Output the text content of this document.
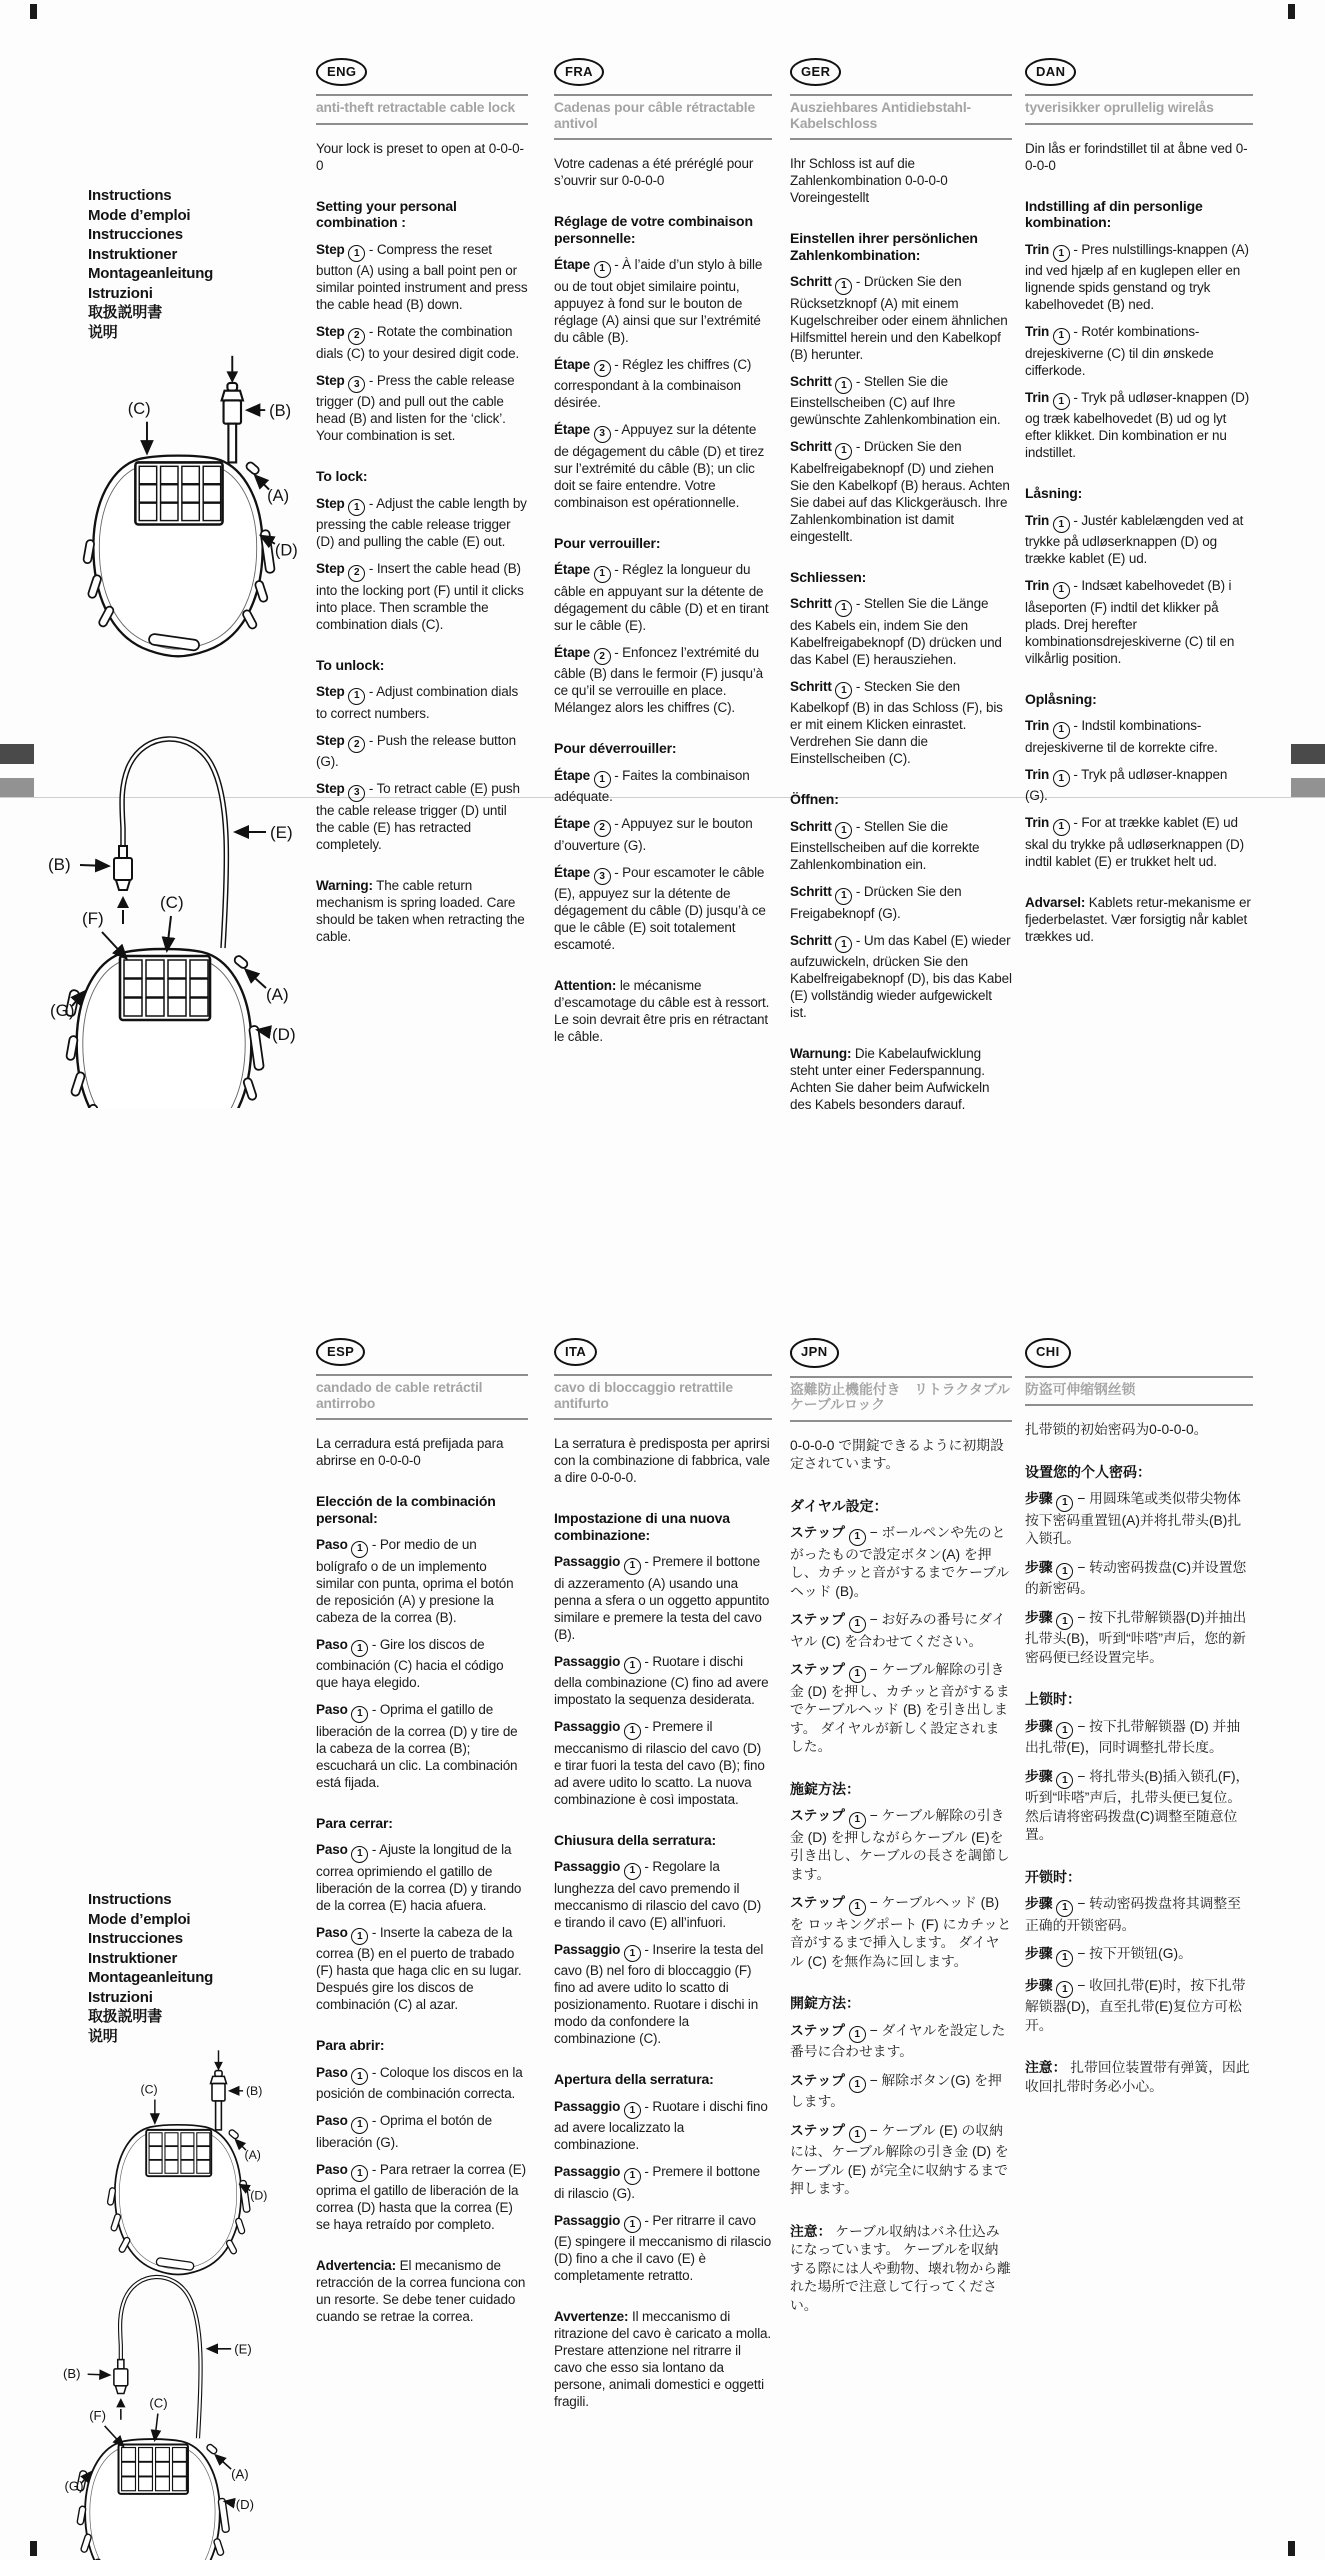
Instructions
Mode d’emploi
Instrucciones
Instruktioner
Montageanleitung
Istruzioni
取扱説明書
说明
(C)	(B)
(A)
(D)
(E)
(B)
(C)
(F)
(G)
(A)
(D)
ENG
anti-theft retractable cable lock

Your lock is preset to open at 0-0-0-0

Setting your personal combination :

Step 1 - Compress the reset button (A) using a ball point pen or similar pointed instrument and press the cable head (B) down.

Step 2 - Rotate the combination dials (C) to your desired digit code.

Step 3 - Press the cable release trigger (D) and pull out the cable head (B) and listen for the ‘click’. Your combination is set.

To lock:

Step 1 - Adjust the cable length by pressing the cable release trigger (D) and pulling the cable (E) out.

Step 2 - Insert the cable head (B) into the locking port (F) until it clicks into place. Then scramble the combination dials (C).

To unlock:

Step 1 - Adjust combination dials to correct numbers.

Step 2 - Push the release button (G).

Step 3 - To retract cable (E) push the cable release trigger (D) until the cable (E) has retracted completely.

Warning: The cable return mechanism is spring loaded. Care should be taken when retracting the cable.

FRA
Cadenas pour câble rétractable antivol

Votre cadenas a été préréglé pour s’ouvrir sur 0-0-0-0

Réglage de votre combinaison personnelle:

Étape 1 - À l’aide d’un stylo à bille ou de tout objet similaire pointu, appuyez à fond sur le bouton de réglage (A) ainsi que sur l’extrémité du câble (B).

Étape 2 - Réglez les chiffres (C) correspondant à la combinaison désirée.

Étape 3 - Appuyez sur la détente de dégagement du câble (D) et tirez sur l’extrémité du câble (B); un clic doit se faire entendre. Votre combinaison est opérationnelle.

Pour verrouiller:

Étape 1 - Réglez la longueur du câble en appuyant sur la détente de dégagement du câble (D) et en tirant sur le câble (E).

Étape 2 - Enfoncez l’extrémité du câble (B) dans le fermoir (F) jusqu’à ce qu’il se verrouille en place. Mélangez alors les chiffres (C).

Pour déverrouiller:

Étape 1 - Faites la combinaison adéquate.

Étape 2 - Appuyez sur le bouton d’ouverture (G).

Étape 3 - Pour escamoter le câble (E), appuyez sur la détente de dégagement du câble (D) jusqu’à ce que le câble (E) soit totalement escamoté.

Attention: le mécanisme d’escamotage du câble est à ressort. Le soin devrait être pris en rétractant le câble.

GER
Ausziehbares Antidiebstahl-Kabelschloss

Ihr Schloss ist auf die Zahlenkombination 0-0-0-0 Voreingestellt

Einstellen ihrer persönlichen Zahlenkombination:

Schritt 1 - Drücken Sie den Rücksetzknopf (A) mit einem Kugelschreiber oder einem ähnlichen Hilfsmittel herein und den Kabelkopf (B) herunter.

Schritt 1 - Stellen Sie die Einstellscheiben (C) auf Ihre gewünschte Zahlenkombination ein.

Schritt 1 - Drücken Sie den Kabelfreigabeknopf (D) und ziehen Sie den Kabelkopf (B) heraus. Achten Sie dabei auf das Klickgeräusch. Ihre Zahlenkombination ist damit eingestellt.

Schliessen:

Schritt 1 - Stellen Sie die Länge des Kabels ein, indem Sie den Kabelfreigabeknopf (D) drücken und das Kabel (E) herausziehen.

Schritt 1 - Stecken Sie den Kabelkopf (B) in das Schloss (F), bis er mit einem Klicken einrastet. Verdrehen Sie dann die Einstellscheiben (C).

Öffnen:

Schritt 1 - Stellen Sie die Einstellscheiben auf die korrekte Zahlenkombination ein.

Schritt 1 - Drücken Sie den Freigabeknopf (G).

Schritt 1 - Um das Kabel (E) wieder aufzuwickeln, drücken Sie den Kabelfreigabeknopf (D), bis das Kabel (E) vollständig wieder aufgewickelt ist.

Warnung: Die Kabelaufwicklung steht unter einer Federspannung. Achten Sie daher beim Aufwickeln des Kabels besonders darauf.

DAN
tyverisikker oprullelig wirelås

Din lås er forindstillet til at åbne ved 0-0-0-0

Indstilling af din personlige kombination:

Trin 1 - Pres nulstillings-knappen (A) ind ved hjælp af en kuglepen eller en lignende spids genstand og tryk kabelhovedet (B) ned.

Trin 1 - Rotér kombinations-drejeskiverne (C) til din ønskede cifferkode.

Trin 1 - Tryk på udløser-knappen (D) og træk kabelhovedet (B) ud og lyt efter klikket. Din kombination er nu indstillet.

Låsning:

Trin 1 - Justér kablelængden ved at trykke på udløserknappen (D) og trække kablet (E) ud.

Trin 1 - Indsæt kabelhovedet (B) i låseporten (F) indtil det klikker på plads. Drej herefter kombinationsdrejeskiverne (C) til en vilkårlig position.

Oplåsning:

Trin 1 - Indstil kombinations-drejeskiverne til de korrekte cifre.

Trin 1 - Tryk på udløser-knappen (G).

Trin 1 - For at trække kablet (E) ud skal du trykke på udløserknappen (D) indtil kablet (E) er trukket helt ud.

Advarsel: Kablets retur-mekanisme er fjederbelastet. Vær forsigtig når kablet trækkes ud.

Instructions
Mode d’emploi
Instrucciones
Instruktioner
Montageanleitung
Istruzioni
取扱説明書
说明
(C)	(B)
(A)
(D)
(E)
(B)
(C)
(F)
(G)
(A)
(D)
ESP
candado de cable retráctil antirrobo

La cerradura está prefijada para abrirse en 0-0-0-0

Elección de la combinación personal:

Paso 1 - Por medio de un bolígrafo o de un implemento similar con punta, oprima el botón de reposición (A) y presione la cabeza de la correa (B).

Paso 1 - Gire los discos de combinación (C) hacia el código que haya elegido.

Paso 1 - Oprima el gatillo de liberación de la correa (D) y tire de la cabeza de la correa (B); escuchará un clic. La combinación está fijada.

Para cerrar:

Paso 1 - Ajuste la longitud de la correa oprimiendo el gatillo de liberación de la correa (D) y tirando de la correa (E) hacia afuera.

Paso 1 - Inserte la cabeza de la correa (B) en el puerto de trabado (F) hasta que haga clic en su lugar. Después gire los discos de combinación (C) al azar.

Para abrir:

Paso 1 - Coloque los discos en la posición de combinación correcta.

Paso 1 - Oprima el botón de liberación (G).

Paso 1 - Para retraer la correa (E) oprima el gatillo de liberación de la correa (D) hasta que la correa (E) se haya retraído por completo.

Advertencia: El mecanismo de retracción de la correa funciona con un resorte. Se debe tener cuidado cuando se retrae la correa.

ITA
cavo di bloccaggio retrattile antifurto

La serratura è predisposta per aprirsi con la combinazione di fabbrica, vale a dire 0-0-0-0.

Impostazione di una nuova combinazione:

Passaggio 1 - Premere il bottone di azzeramento (A) usando una penna a sfera o un oggetto appuntito similare e premere la testa del cavo (B).

Passaggio 1 - Ruotare i dischi della combinazione (C) fino ad avere impostato la sequenza desiderata.

Passaggio 1 - Premere il meccanismo di rilascio del cavo (D) e tirar fuori la testa del cavo (B); fino ad avere udito lo scatto. La nuova combinazione è così impostata.

Chiusura della serratura:

Passaggio 1 - Regolare la lunghezza del cavo premendo il meccanismo di rilascio del cavo (D) e tirando il cavo (E) all’infuori.

Passaggio 1 - Inserire la testa del cavo (B) nel foro di bloccaggio (F) fino ad avere udito lo scatto di posizionamento. Ruotare i dischi in modo da confondere la combinazione (C).

Apertura della serratura:

Passaggio 1 - Ruotare i dischi fino ad avere localizzato la combinazione.

Passaggio 1 - Premere il bottone di rilascio (G).

Passaggio 1 - Per ritrarre il cavo (E) spingere il meccanismo di rilascio (D) fino a che il cavo (E) è completamente retratto.

Avvertenze: Il meccanismo di ritrazione del cavo è caricato a molla. Prestare attenzione nel ritrarre il cavo che esso sia lontano da persone, animali domestici e oggetti fragili.

JPN
盗難防止機能付き　リトラクタブル　ケーブルロック

0-0-0-0 で開錠できるように初期設定されています。

ダイヤル設定：

ステップ 1 − ボールペンや先のとがったもので設定ボタン(A) を押し、カチッと音がするまでケーブルヘッド (B)。

ステップ 1 − お好みの番号にダイヤル (C) を合わせてください。

ステップ 1 − ケーブル解除の引き金 (D) を押し、カチッと音がするまでケーブルヘッド (B) を引き出します。 ダイヤルが新しく設定されました。

施錠方法：

ステップ 1 − ケーブル解除の引き金 (D) を押しながらケーブル (E)を引き出し、ケーブルの長さを調節します。

ステップ 1 − ケーブルヘッド (B) を ロッキングポート (F) にカチッと音がするまで挿入します。 ダイヤル (C) を無作為に回します。

開錠方法：

ステップ 1 − ダイヤルを設定した番号に合わせます。

ステップ 1 − 解除ボタン(G) を押します。

ステップ 1 − ケーブル (E) の収納には、ケーブル解除の引き金 (D) を ケーブル (E) が完全に収納するまで押します。

注意： ケーブル収納はバネ仕込みになっています。 ケーブルを収納する際には人や動物、壊れ物から離れた場所で注意して行ってください。

CHI
防盗可伸缩钢丝锁

扎带锁的初始密码为0-0-0-0。

设置您的个人密码：

步骤 1 − 用圆珠笔或类似带尖物体按下密码重置钮(A)并将扎带头(B)扎入锁孔。

步骤 1 − 转动密码拨盘(C)并设置您的新密码。

步骤 1 − 按下扎带解锁器(D)并抽出扎带头(B)，听到“咔嗒”声后，您的新密码便已经设置完毕。

上锁时：

步骤 1 − 按下扎带解锁器 (D) 并抽出扎带(E)，同时调整扎带长度。

步骤 1 − 将扎带头(B)插入锁孔(F)，听到“咔嗒”声后，扎带头便已复位。然后请将密码拨盘(C)调整至随意位置。

开锁时：

步骤 1 − 转动密码拨盘将其调整至正确的开锁密码。

步骤 1 − 按下开锁钮(G)。

步骤 1 − 收回扎带(E)时，按下扎带解锁器(D)，直至扎带(E)复位方可松开。

注意： 扎带回位装置带有弹簧，因此收回扎带时务必小心。
